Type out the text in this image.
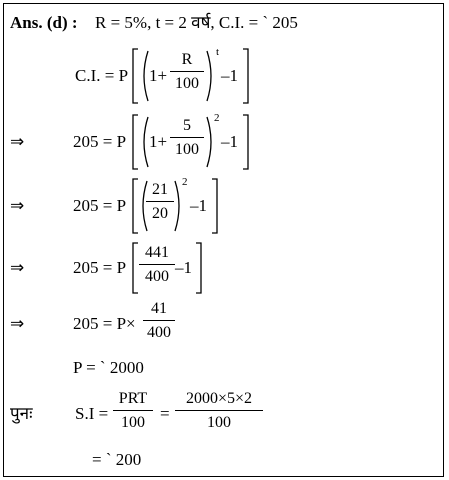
Ans. (d) : R = 5%, t = 2 वर्ष, C.I. = ` 205
C.I. = P 1+
R
100
t
–1
⇒	205 = P 1+
5
100
2
–1
⇒	205 = P
21
20
2
–1
⇒	205 = P
441
400 –1
⇒	205 = P×
41
400
P = ` 2000
पुनः S.I =
PRT
100 =
2000×5×2
100
= ` 200
